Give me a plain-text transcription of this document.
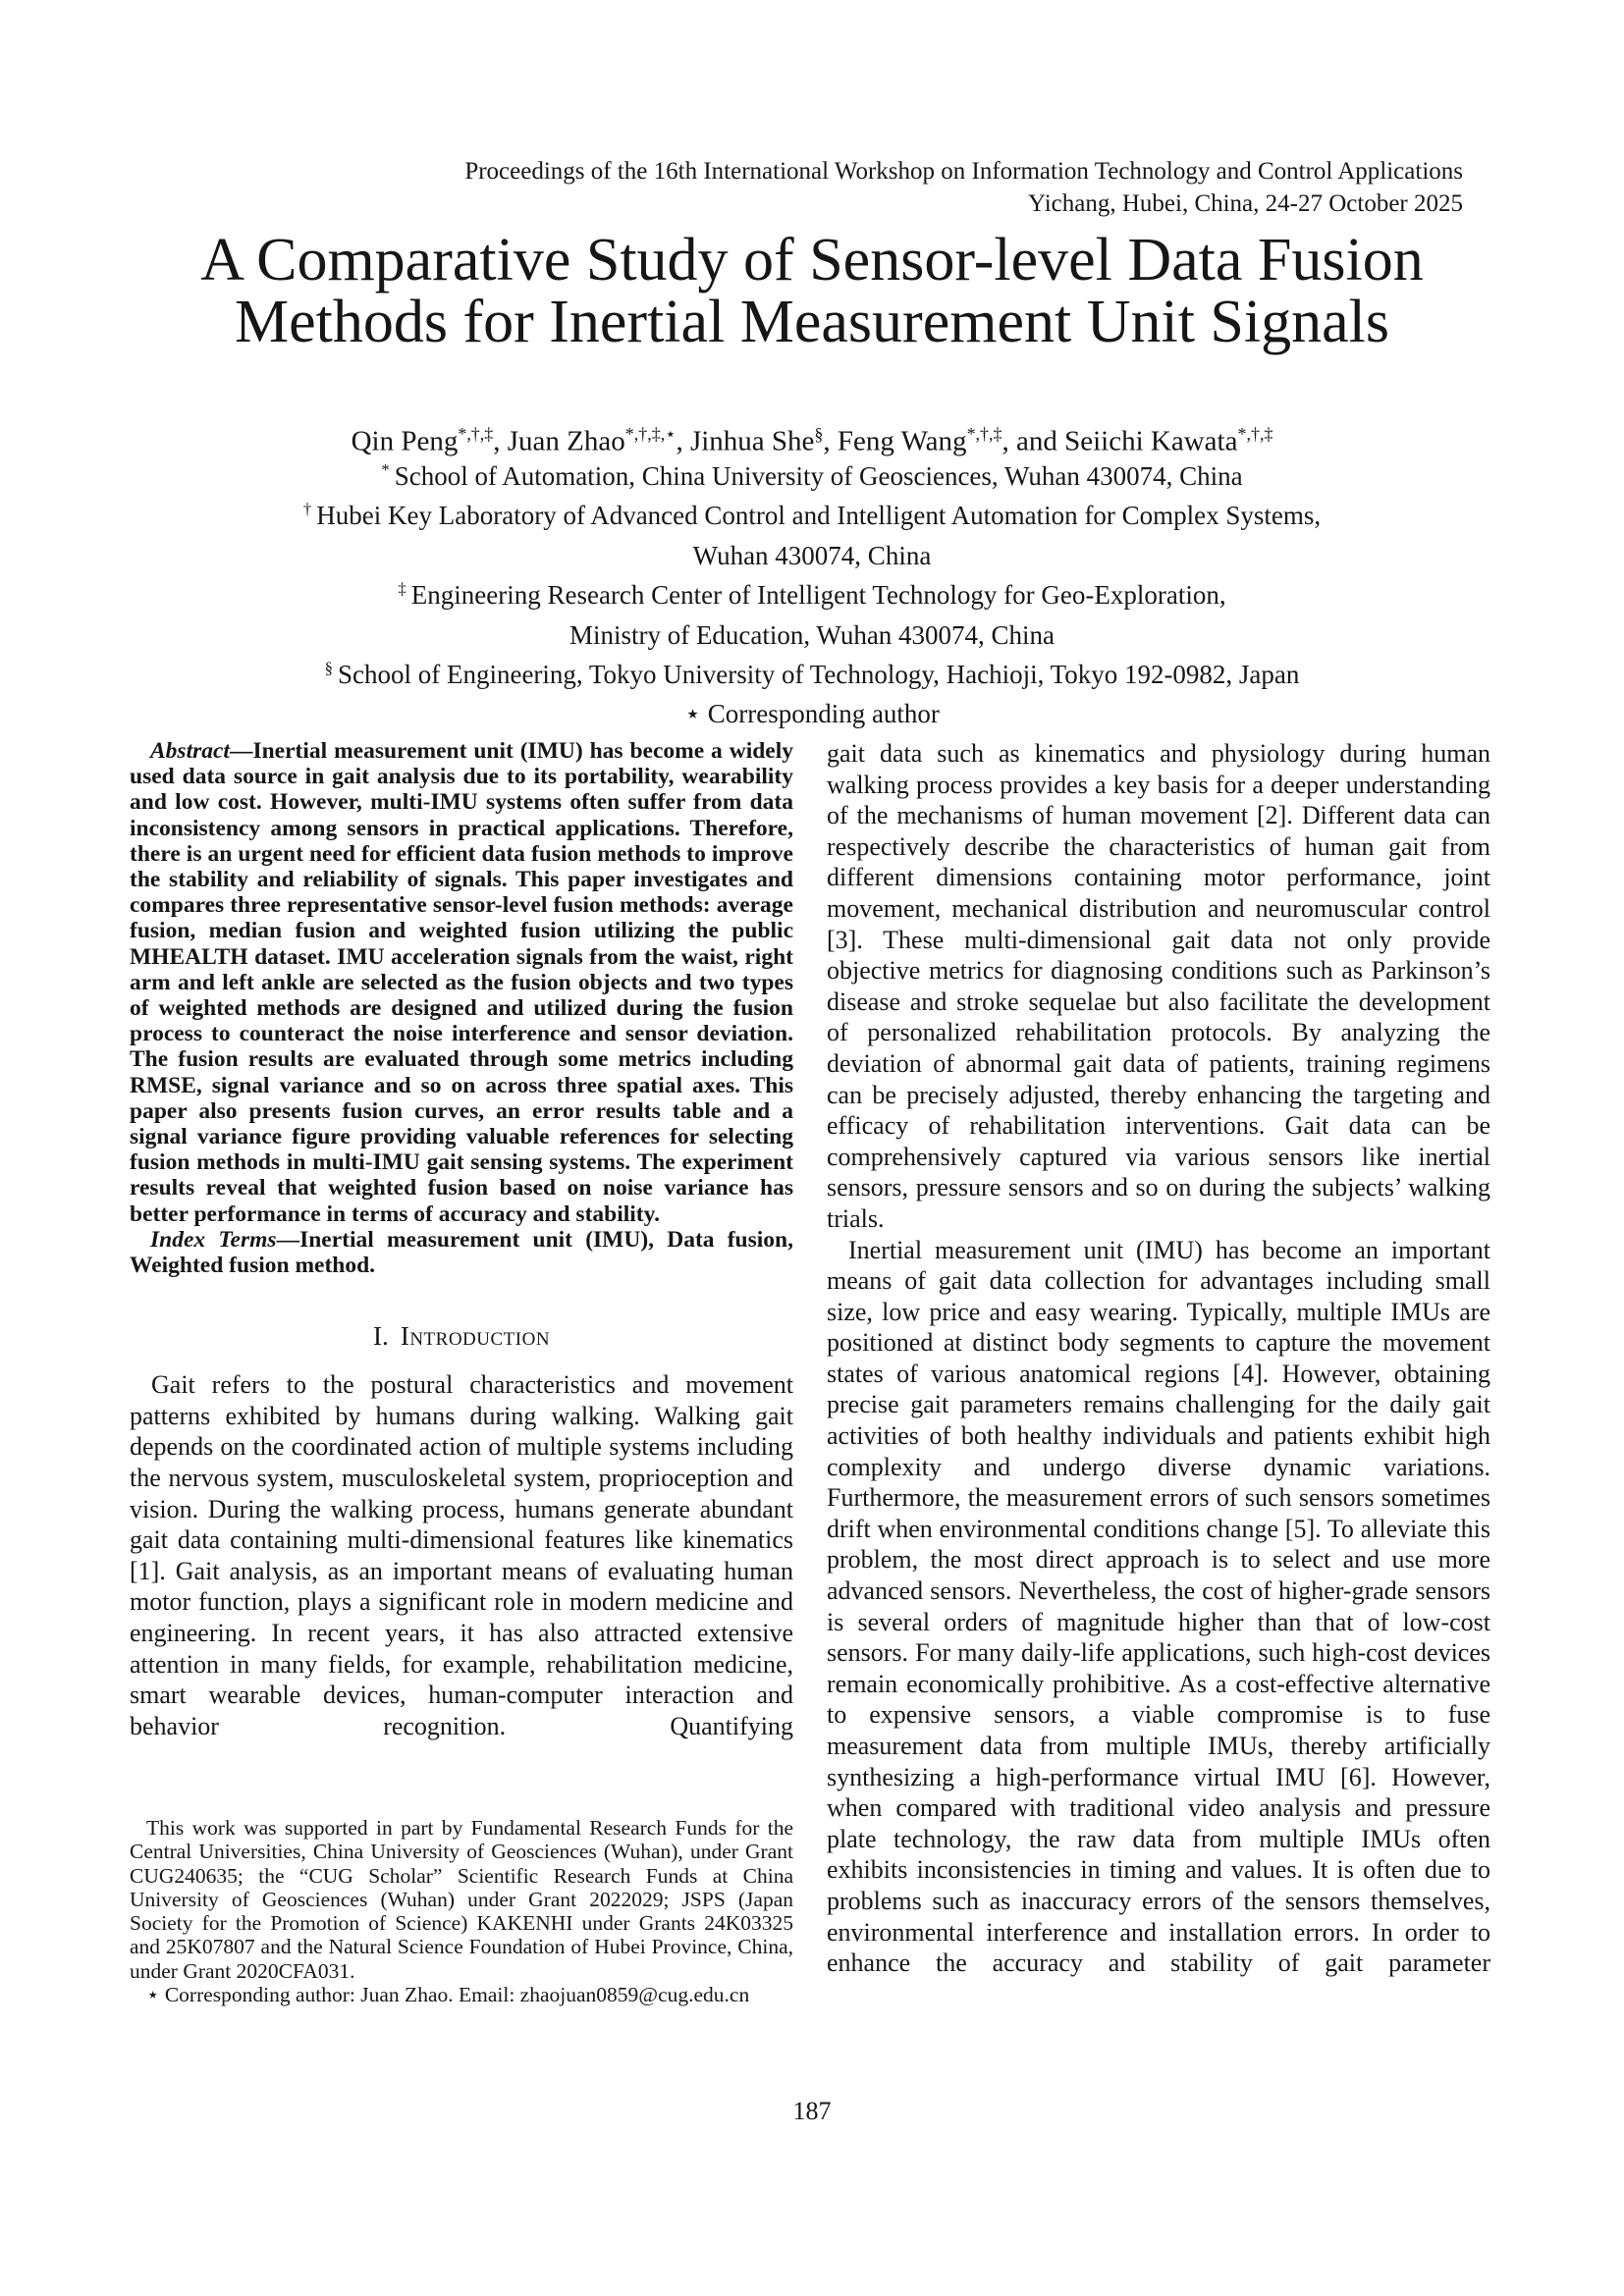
Proceedings of the 16th International Workshop on Information Technology and Control Applications
Yichang, Hubei, China, 24-27 October 2025
A Comparative Study of Sensor-level Data Fusion
Methods for Inertial Measurement Unit Signals

Qin Peng*,†,‡, Juan Zhao*,†,‡,⋆, Jinhua She§, Feng Wang*,†,‡, and Seiichi Kawata*,†,‡

* School of Automation, China University of Geosciences, Wuhan 430074, China
† Hubei Key Laboratory of Advanced Control and Intelligent Automation for Complex Systems,
Wuhan 430074, China
‡ Engineering Research Center of Intelligent Technology for Geo-Exploration,
Ministry of Education, Wuhan 430074, China
§ School of Engineering, Tokyo University of Technology, Hachioji, Tokyo 192-0982, Japan
⋆ Corresponding author

Abstract—Inertial measurement unit (IMU) has become a widely used data source in gait analysis due to its portability, wearability and low cost. However, multi-IMU systems often suffer from data inconsistency among sensors in practical applications. Therefore, there is an urgent need for efficient data fusion methods to improve the stability and reliability of signals. This paper investigates and compares three representative sensor-level fusion methods: average fusion, median fusion and weighted fusion utilizing the public MHEALTH dataset. IMU acceleration signals from the waist, right arm and left ankle are selected as the fusion objects and two types of weighted methods are designed and utilized during the fusion process to counteract the noise interference and sensor deviation. The fusion results are evaluated through some metrics including RMSE, signal variance and so on across three spatial axes. This paper also presents fusion curves, an error results table and a signal variance figure providing valuable references for selecting fusion methods in multi-IMU gait sensing systems. The experiment results reveal that weighted fusion based on noise variance has better performance in terms of accuracy and stability.

Index Terms—Inertial measurement unit (IMU), Data fusion, Weighted fusion method.

I. Introduction

Gait refers to the postural characteristics and movement patterns exhibited by humans during walking. Walking gait depends on the coordinated action of multiple systems including the nervous system, musculoskeletal system, proprioception and vision. During the walking process, humans generate abundant gait data containing multi-dimensional features like kinematics [1]. Gait analysis, as an important means of evaluating human motor function, plays a significant role in modern medicine and engineering. In recent years, it has also attracted extensive attention in many fields, for example, rehabilitation medicine, smart wearable devices, human-computer interaction and behavior recognition. Quantifying

This work was supported in part by Fundamental Research Funds for the Central Universities, China University of Geosciences (Wuhan), under Grant CUG240635; the “CUG Scholar” Scientific Research Funds at China University of Geosciences (Wuhan) under Grant 2022029; JSPS (Japan Society for the Promotion of Science) KAKENHI under Grants 24K03325 and 25K07807 and the Natural Science Foundation of Hubei Province, China, under Grant 2020CFA031.

⋆ Corresponding author: Juan Zhao. Email: zhaojuan0859@cug.edu.cn

gait data such as kinematics and physiology during human walking process provides a key basis for a deeper understanding of the mechanisms of human movement [2]. Different data can respectively describe the characteristics of human gait from different dimensions containing motor performance, joint movement, mechanical distribution and neuromuscular control [3]. These multi-dimensional gait data not only provide objective metrics for diagnosing conditions such as Parkinson’s disease and stroke sequelae but also facilitate the development of personalized rehabilitation protocols. By analyzing the deviation of abnormal gait data of patients, training regimens can be precisely adjusted, thereby enhancing the targeting and efficacy of rehabilitation interventions. Gait data can be comprehensively captured via various sensors like inertial sensors, pressure sensors and so on during the subjects’ walking trials.

Inertial measurement unit (IMU) has become an important means of gait data collection for advantages including small size, low price and easy wearing. Typically, multiple IMUs are positioned at distinct body segments to capture the movement states of various anatomical regions [4]. However, obtaining precise gait parameters remains challenging for the daily gait activities of both healthy individuals and patients exhibit high complexity and undergo diverse dynamic variations. Furthermore, the measurement errors of such sensors sometimes drift when environmental conditions change [5]. To alleviate this problem, the most direct approach is to select and use more advanced sensors. Nevertheless, the cost of higher-grade sensors is several orders of magnitude higher than that of low-cost sensors. For many daily-life applications, such high-cost devices remain economically prohibitive. As a cost-effective alternative to expensive sensors, a viable compromise is to fuse measurement data from multiple IMUs, thereby artificially synthesizing a high-performance virtual IMU [6]. However, when compared with traditional video analysis and pressure plate technology, the raw data from multiple IMUs often exhibits inconsistencies in timing and values. It is often due to problems such as inaccuracy errors of the sensors themselves, environmental interference and installation errors. In order to enhance the accuracy and stability of gait parameter

187
